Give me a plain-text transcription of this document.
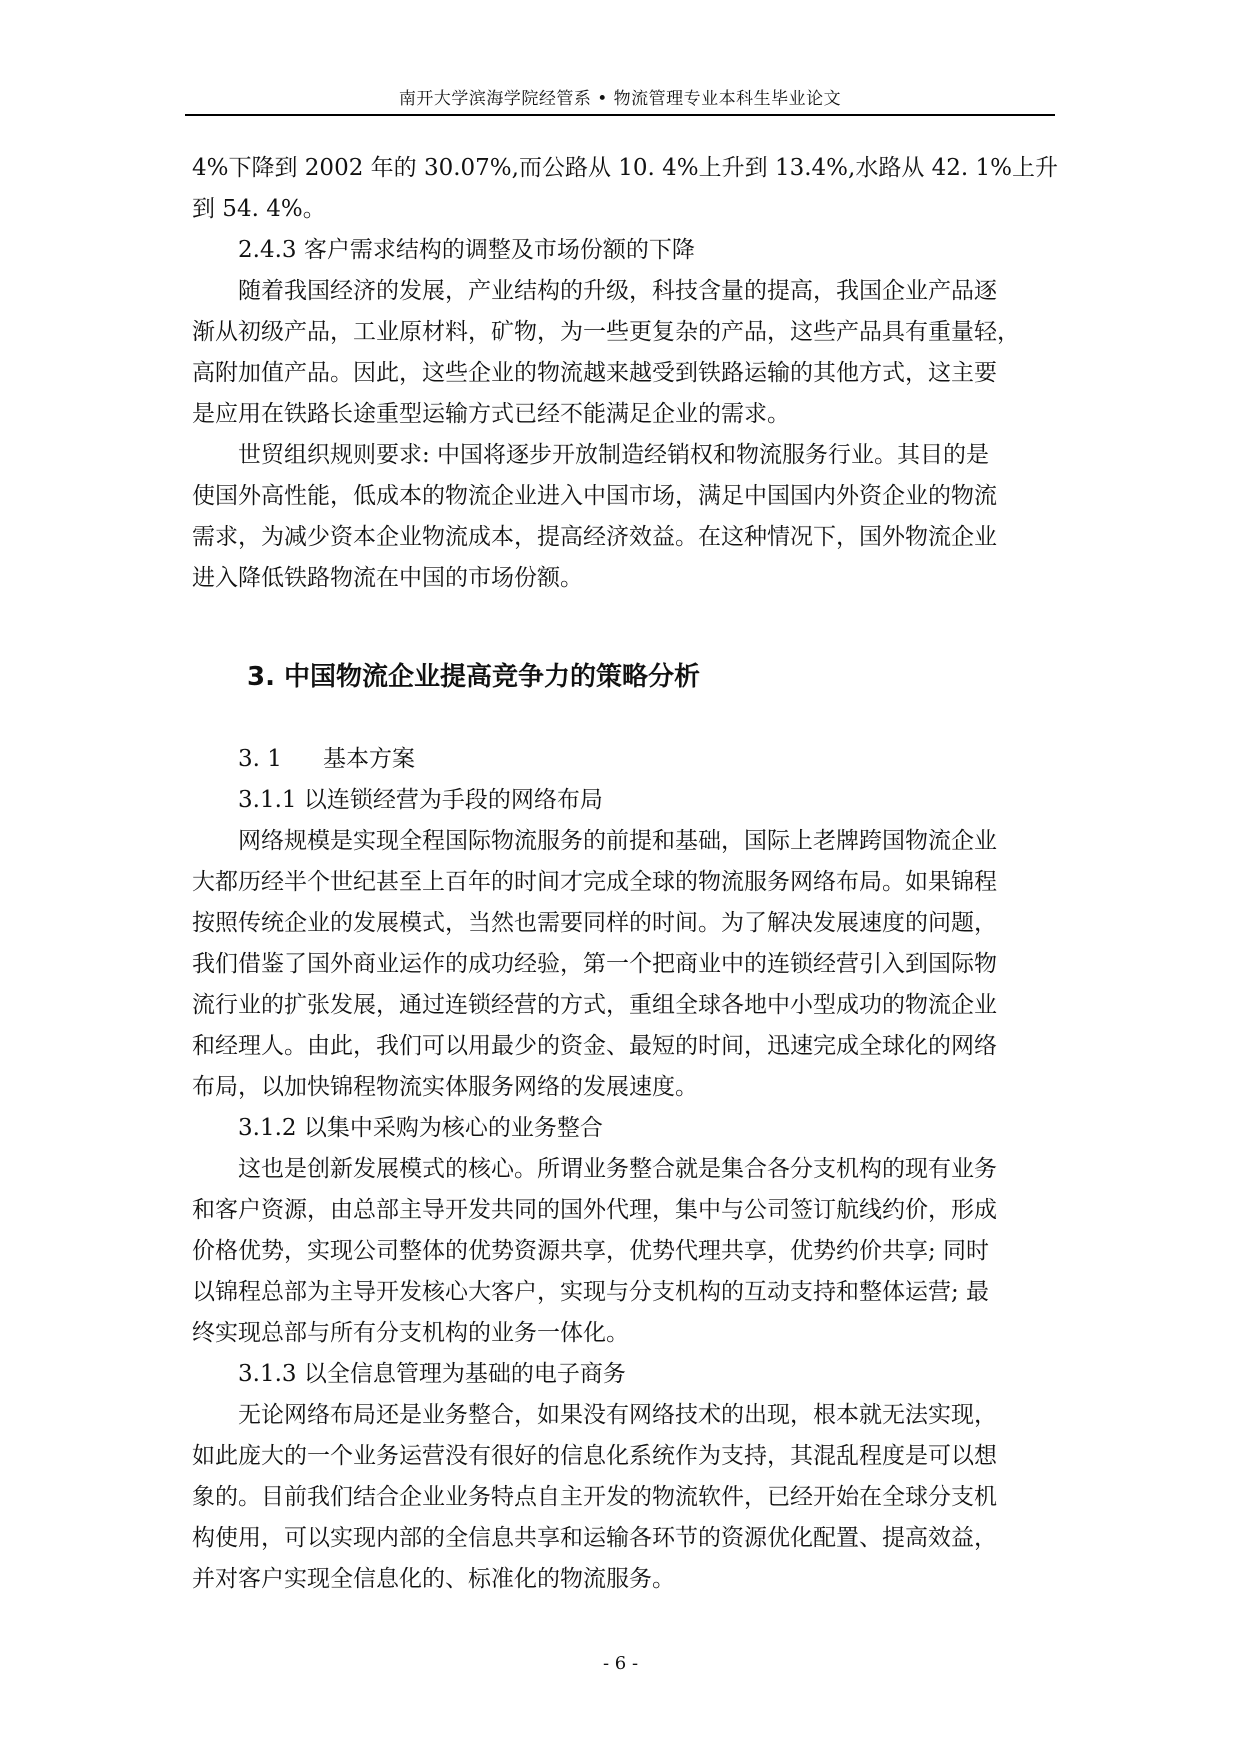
南开大学滨海学院经管系 • 物流管理专业本科生毕业论文

4%下降到 2002 年的 30.07%,而公路从 10. 4%上升到 13.4%,水路从 42. 1%上升

到 54. 4%。

2.4.3 客户需求结构的调整及市场份额的下降

随着我国经济的发展，产业结构的升级，科技含量的提高，我国企业产品逐

渐从初级产品，工业原材料，矿物，为一些更复杂的产品，这些产品具有重量轻，

高附加值产品。因此，这些企业的物流越来越受到铁路运输的其他方式，这主要

是应用在铁路长途重型运输方式已经不能满足企业的需求。

世贸组织规则要求: 中国将逐步开放制造经销权和物流服务行业。其目的是

使国外高性能，低成本的物流企业进入中国市场，满足中国国内外资企业的物流

需求，为减少资本企业物流成本，提高经济效益。在这种情况下，国外物流企业

进入降低铁路物流在中国的市场份额。

3. 中国物流企业提高竞争力的策略分析
3. 1 基本方案

3.1.1 以连锁经营为手段的网络布局

网络规模是实现全程国际物流服务的前提和基础，国际上老牌跨国物流企业

大都历经半个世纪甚至上百年的时间才完成全球的物流服务网络布局。如果锦程

按照传统企业的发展模式，当然也需要同样的时间。为了解决发展速度的问题，

我们借鉴了国外商业运作的成功经验，第一个把商业中的连锁经营引入到国际物

流行业的扩张发展，通过连锁经营的方式，重组全球各地中小型成功的物流企业

和经理人。由此，我们可以用最少的资金、最短的时间，迅速完成全球化的网络

布局，以加快锦程物流实体服务网络的发展速度。

3.1.2 以集中采购为核心的业务整合

这也是创新发展模式的核心。所谓业务整合就是集合各分支机构的现有业务

和客户资源，由总部主导开发共同的国外代理，集中与公司签订航线约价，形成

价格优势，实现公司整体的优势资源共享，优势代理共享，优势约价共享; 同时

以锦程总部为主导开发核心大客户，实现与分支机构的互动支持和整体运营; 最

终实现总部与所有分支机构的业务一体化。

3.1.3 以全信息管理为基础的电子商务

无论网络布局还是业务整合，如果没有网络技术的出现，根本就无法实现，

如此庞大的一个业务运营没有很好的信息化系统作为支持，其混乱程度是可以想

象的。目前我们结合企业业务特点自主开发的物流软件，已经开始在全球分支机

构使用，可以实现内部的全信息共享和运输各环节的资源优化配置、提高效益，

并对客户实现全信息化的、标准化的物流服务。

- 6 -
